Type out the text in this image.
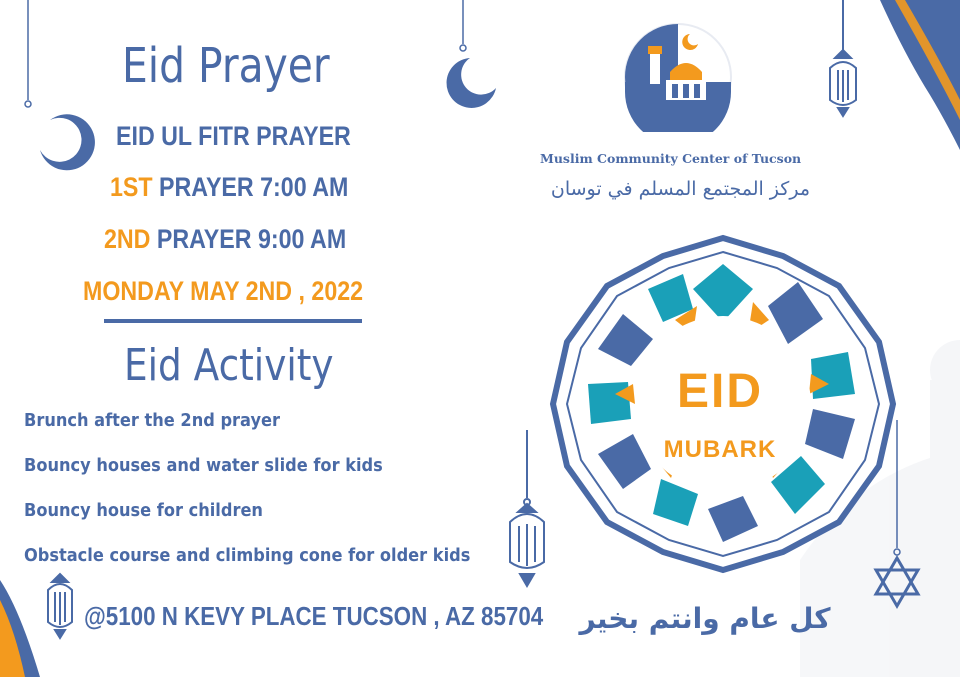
Eid Prayer
EID UL FITR PRAYER
1ST PRAYER 7:00 AM
2ND PRAYER 9:00 AM
MONDAY MAY 2ND , 2022
Eid Activity
Brunch after the 2nd prayer
Bouncy houses and water slide for kids
Bouncy house for children
Obstacle course and climbing cone for older kids
@5100 N KEVY PLACE TUCSON , AZ 85704
Muslim Community Center of Tucson
مركز المجتمع المسلم في توسان
EID
MUBARK
كل عام وانتم بخير
